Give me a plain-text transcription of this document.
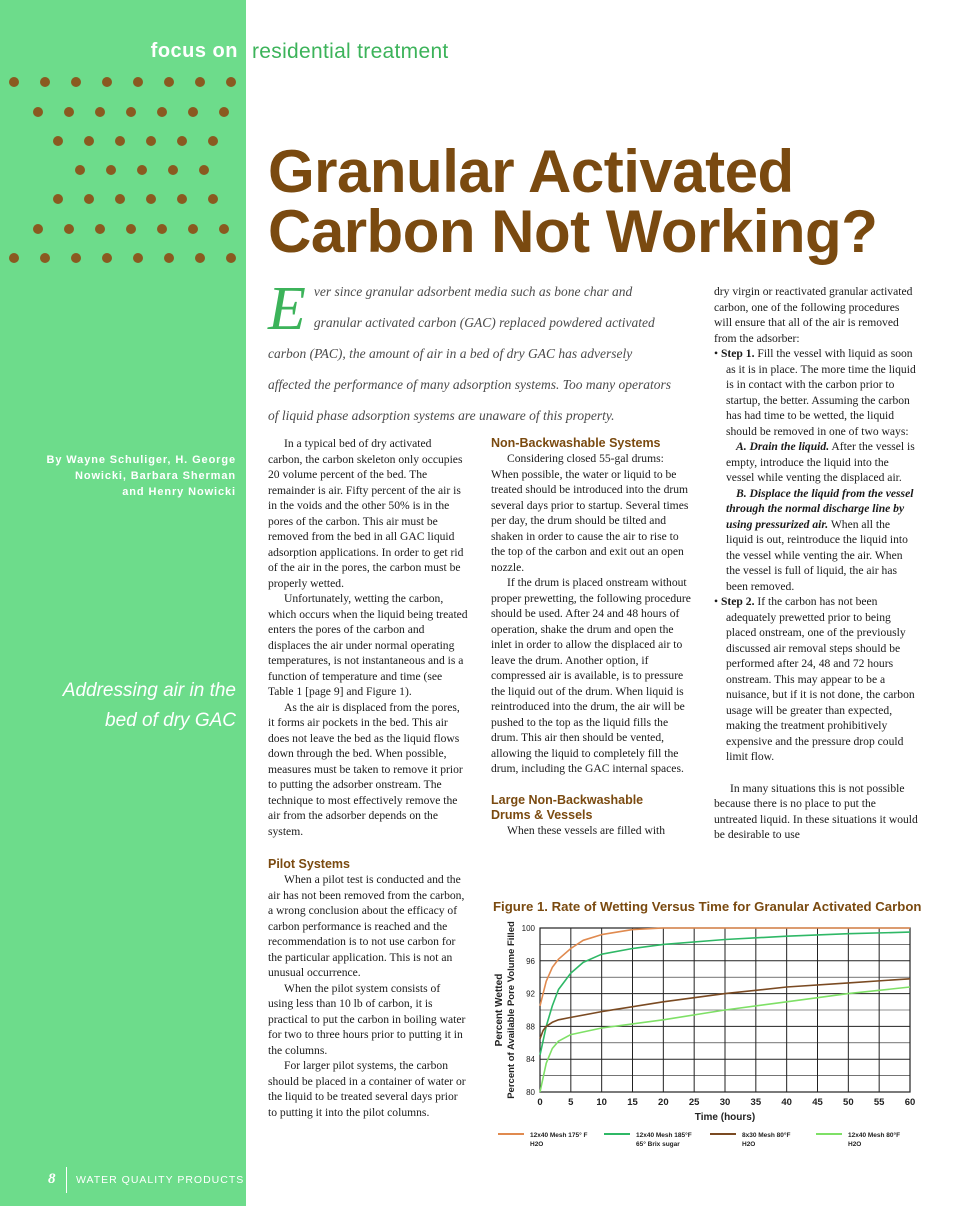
focus on residential treatment
Granular Activated
Carbon Not Working?
By Wayne Schuliger, H. George
Nowicki, Barbara Sherman
and Henry Nowicki
Addressing air in the
bed of dry GAC
E ver since granular adsorbent media such as bone char and
granular activated carbon (GAC) replaced powdered activated
carbon (PAC), the amount of air in a bed of dry GAC has adversely
affected the performance of many adsorption systems. Too many operators
of liquid phase adsorption systems are unaware of this property.

In a typical bed of dry activated carbon, the carbon skeleton only occupies 20 volume percent of the bed. The remainder is air. Fifty percent of the air is in the voids and the other 50% is in the pores of the carbon. This air must be removed from the bed in all GAC liquid adsorption applications. In order to get rid of the air in the pores, the carbon must be properly wetted.

Unfortunately, wetting the carbon, which occurs when the liquid being treated enters the pores of the carbon and displaces the air under normal operating temperatures, is not instantaneous and is a function of temperature and time (see Table 1 [page 9] and Figure 1).

As the air is displaced from the pores, it forms air pockets in the bed. This air does not leave the bed as the liquid flows down through the bed. When possible, measures must be taken to remove it prior to putting the adsorber onstream. The technique to most effectively remove the air from the adsorber depends on the system.

Pilot Systems

When a pilot test is conducted and the air has not been removed from the carbon, a wrong conclusion about the efficacy of carbon performance is reached and the recommendation is to not use carbon for the particular application. This is not an unusual occurrence.

When the pilot system consists of using less than 10 lb of carbon, it is practical to put the carbon in boiling water for two to three hours prior to putting it in the columns.

For larger pilot systems, the carbon should be placed in a container of water or the liquid to be treated several days prior to putting it into the pilot columns.

Non-Backwashable Systems

Considering closed 55-gal drums: When possible, the water or liquid to be treated should be introduced into the drum several days prior to startup. Several times per day, the drum should be tilted and shaken in order to cause the air to rise to the top of the carbon and exit out an open nozzle.

If the drum is placed onstream without proper prewetting, the following procedure should be used. After 24 and 48 hours of operation, shake the drum and open the inlet in order to allow the displaced air to leave the drum. Another option, if compressed air is available, is to pressure the liquid out of the drum. When liquid is reintroduced into the drum, the air will be pushed to the top as the liquid fills the drum. This air then should be vented, allowing the liquid to completely fill the drum, including the GAC internal spaces.

Large Non-Backwashable
Drums & Vessels

When these vessels are filled with

dry virgin or reactivated granular activated carbon, one of the following procedures will ensure that all of the air is removed from the adsorber:

• Step 1. Fill the vessel with liquid as soon as it is in place. The more time the liquid is in contact with the carbon prior to startup, the better. Assuming the carbon has had time to be wetted, the liquid should be removed in one of two ways:

A. Drain the liquid. After the vessel is empty, introduce the liquid into the vessel while venting the displaced air.

B. Displace the liquid from the vessel through the normal discharge line by using pressurized air. When all the liquid is out, reintroduce the liquid into the vessel while venting the air. When the vessel is full of liquid, the air has been removed.

• Step 2. If the carbon has not been adequately prewetted prior to being placed onstream, one of the previously discussed air removal steps should be performed after 24, 48 and 72 hours onstream. This may appear to be a nuisance, but if it is not done, the carbon usage will be greater than expected, making the treatment prohibitively expensive and the pressure drop could limit flow.

In many situations this is not possible because there is no place to put the untreated liquid. In these situations it would be desirable to use

Figure 1. Rate of Wetting Versus Time for Granular Activated Carbon
80
84
88
92
96
100
0	5 10 15 20 25 30 35 40 45 50 55 60
Time (hours)
Percent Wetted Percent of Available Pore Volume Filled
12x40 Mesh 175° F
H2O
12x40 Mesh 185°F
65° Brix sugar
8x30 Mesh 80°F
H2O
12x40 Mesh 80°F
H2O
8 WATER QUALITY PRODUCTS
